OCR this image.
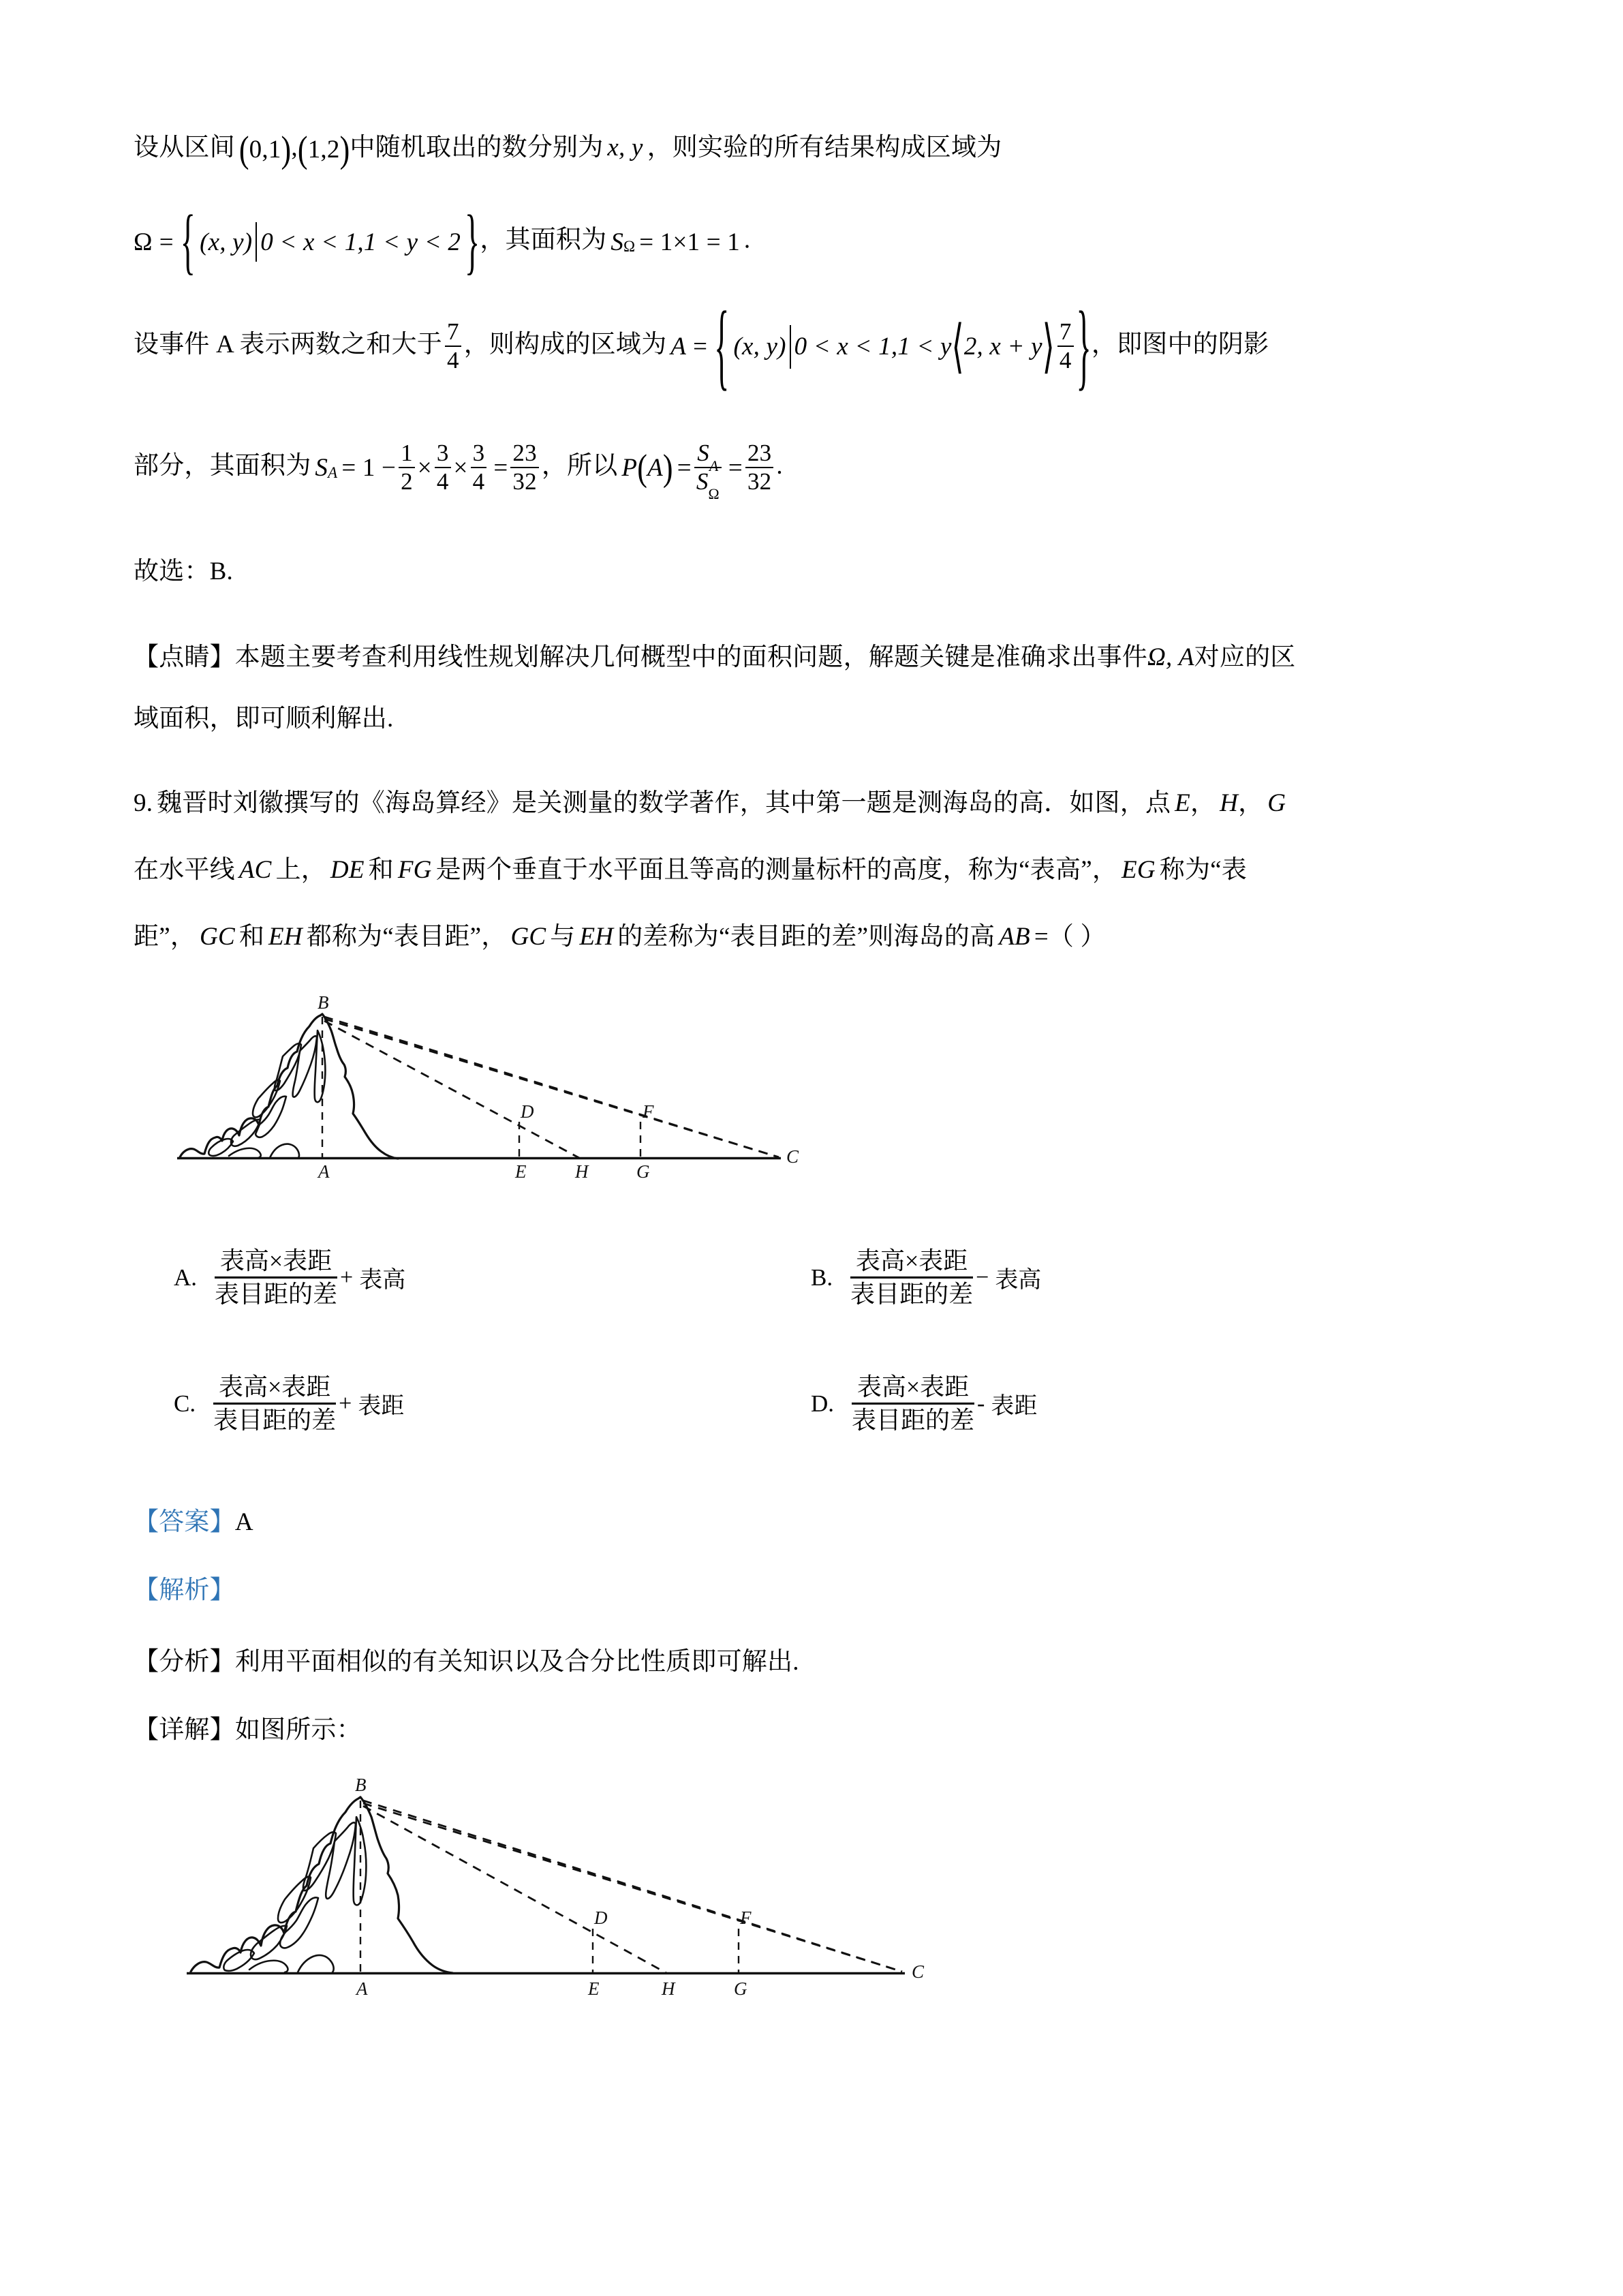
设从区间 ( 0,1 ) , ( 1,2 ) 中随机取出的数分别为 x, y ，则实验的所有结果构成区域为
Ω = { (x, y) 0 < x < 1,1 < y < 2 } ，其面积为 $S_\Omega = 1\times 1 = 1$ .
设事件 A 表示两数之和大于 $\frac{7}{4}$ ，则构成的区域为 A = { (x, y) 0 < x < 1,1 < y ⟨ 2, x + y ⟩ $\frac{7}{4}$ } ，即图中的阴影
部分，其面积为 $S_A = 1 - \frac{1}{2} \times \frac{3}{4} \times \frac{3}{4} = \frac{23}{32}$ ，所以 P ( A ) = $\frac{S_A}{S_\Omega} = \frac{23}{32}$ .
故选：B.
【点睛】本题主要考查利用线性规划解决几何概型中的面积问题，解题关键是准确求出事件Ω, A对应的区
域面积，即可顺利解出.
9. 魏晋时刘徽撰写的《海岛算经》是关测量的数学著作，其中第一题是测海岛的高．如图，点 E， H， G
在水平线 AC 上， DE 和 FG 是两个垂直于水平面且等高的测量标杆的高度，称为“表高”， EG 称为“表
距”， GC 和 EH 都称为“表目距”， GC 与 EH 的差称为“表目距的差”则海岛的高 AB =（ ）
B
A
C
D	F
E	H	G
A. $\frac{\text{表高×表距}}{\text{表目距的差}}$ + 表高	B. $\frac{\text{表高×表距}}{\text{表目距的差}}$ − 表高
C. $\frac{\text{表高×表距}}{\text{表目距的差}}$ + 表距	D. $\frac{\text{表高×表距}}{\text{表目距的差}}$ - 表距
【答案】A
【解析】
【分析】利用平面相似的有关知识以及合分比性质即可解出.
【详解】如图所示：
B
A
C
D	F
E	H	G
